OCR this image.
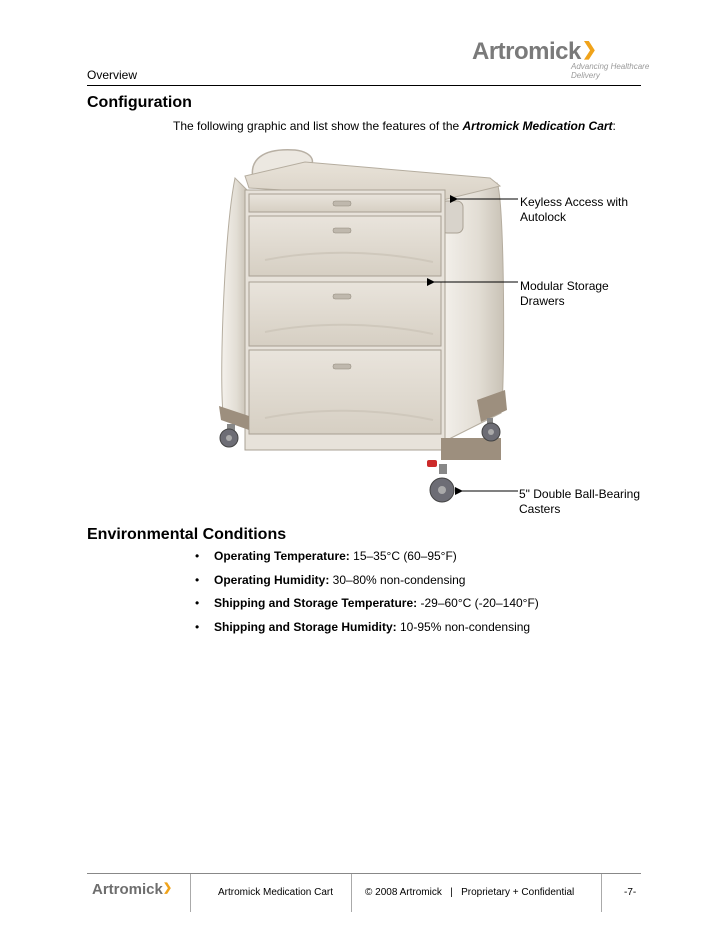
Artromick❯
Advancing Healthcare Delivery
Overview
Configuration
The following graphic and list show the features of the Artromick Medication Cart:
Keyless Access with Autolock
Modular Storage Drawers
5" Double Ball-Bearing Casters
Environmental Conditions
• Operating Temperature: 15–35°C (60–95°F)
• Operating Humidity: 30–80% non-condensing
• Shipping and Storage Temperature: -29–60°C (-20–140°F)
• Shipping and Storage Humidity: 10-95% non-condensing
Artromick❯	Artromick Medication Cart	© 2008 Artromick   |   Proprietary + Confidential	-7-
